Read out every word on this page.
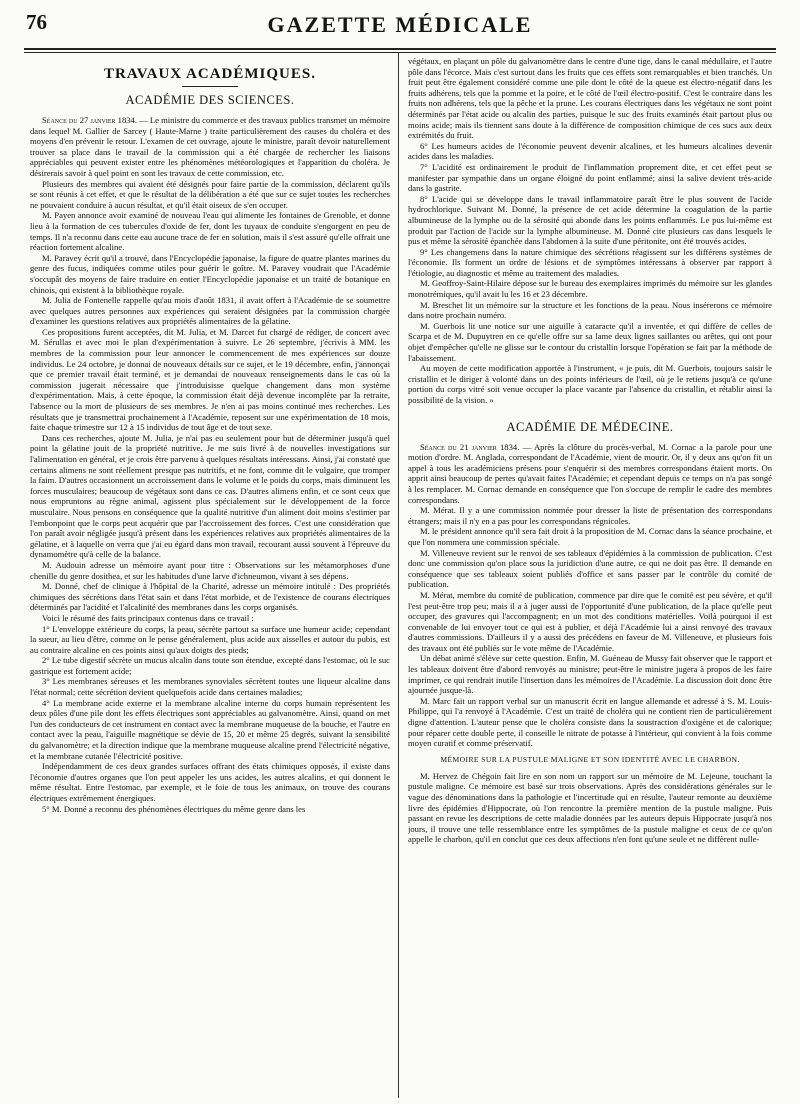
76	GAZETTE MÉDICALE
TRAVAUX ACADÉMIQUES.
ACADÉMIE DES SCIENCES.

Séance du 27 janvier 1834. — Le ministre du commerce et des travaux publics transmet un mémoire dans lequel M. Gallier de Sarcey ( Haute-Marne ) traite particulièrement des causes du choléra et des moyens d'en prévenir le retour. L'examen de cet ouvrage, ajoute le ministre, paraît devoir naturellement trouver sa place dans le travail de la commission qui a été chargée de rechercher les liaisons appréciables qui peuvent exister entre les phénomènes météorologiques et l'apparition du choléra. Je désirerais savoir à quel point en sont les travaux de cette commission, etc.

Plusieurs des membres qui avaient été désignés pour faire partie de la commission, déclarent qu'ils se sont réunis à cet effet, et que le résultat de la délibération a été que sur ce sujet toutes les recherches ne pouvaient conduire à aucun résultat, et qu'il était oiseux de s'en occuper.

M. Payen annonce avoir examiné de nouveau l'eau qui alimente les fontaines de Grenoble, et donne lieu à la formation de ces tubercules d'oxide de fer, dont les tuyaux de conduite s'engorgent en peu de temps. Il n'a reconnu dans cette eau aucune trace de fer en solution, mais il s'est assuré qu'elle offrait une réaction fortement alcaline.

M. Paravey écrit qu'il a trouvé, dans l'Encyclopédie japonaise, la figure de quatre plantes marines du genre des fucus, indiquées comme utiles pour guérir le goître. M. Paravey voudrait que l'Académie s'occupât des moyens de faire traduire en entier l'Encyclopédie japonaise et un traité de botanique en chinois, qui existent à la bibliothèque royale.

M. Julia de Fontenelle rappelle qu'au mois d'août 1831, il avait offert à l'Académie de se soumettre avec quelques autres personnes aux expériences qui seraient désignées par la commission chargée d'examiner les questions relatives aux propriétés alimentaires de la gélatine.

Ces propositions furent acceptées, dit M. Julia, et M. Darcet fut chargé de rédiger, de concert avec M. Sérullas et avec moi le plan d'expérimentation à suivre. Le 26 septembre, j'écrivis à MM. les membres de la commission pour leur annoncer le commencement de mes expériences sur douze individus. Le 24 octobre, je donnai de nouveaux détails sur ce sujet, et le 19 décembre, enfin, j'annonçai que ce premier travail était terminé, et je demandai de nouveaux renseignements dans le cas où la commission jugerait nécessaire que j'introduisisse quelque changement dans mon système d'expérimentation. Mais, à cette époque, la commission était déjà devenue incomplète par la retraite, l'absence ou la mort de plusieurs de ses membres. Je n'en ai pas moins continué mes recherches. Les résultats que je transmettrai prochainement à l'Académie, reposent sur une expérimentation de 18 mois, faite chaque trimestre sur 12 à 15 individus de tout âge et de tout sexe.

Dans ces recherches, ajoute M. Julia, je n'ai pas eu seulement pour but de déterminer jusqu'à quel point la gélatine jouit de la propriété nutritive. Je me suis livré à de nouvelles investigations sur l'alimentation en général, et je crois être parvenu à quelques résultats intéressans. Ainsi, j'ai constaté que certains alimens ne sont réellement presque pas nutritifs, et ne font, comme dit le vulgaire, que tromper la faim. D'autres occasionnent un accroissement dans le volume et le poids du corps, mais diminuent les forces musculaires; beaucoup de végétaux sont dans ce cas. D'autres alimens enfin, et ce sont ceux que nous empruntons au règne animal, agissent plus spécialement sur le développement de la force musculaire. Nous pensons en conséquence que la qualité nutritive d'un aliment doit moins s'estimer par l'embonpoint que le corps peut acquérir que par l'accroissement des forces. C'est une considération que l'on paraît avoir négligée jusqu'à présent dans les expériences relatives aux propriétés alimentaires de la gélatine, et à laquelle on verra que j'ai eu égard dans mon travail, recourant aussi souvent à l'épreuve du dynamomètre qu'à celle de la balance.

M. Audouin adresse un mémoire ayant pour titre : Observations sur les métamorphoses d'une chenille du genre dosithea, et sur les habitudes d'une larve d'ichneumon, vivant à ses dépens.

M. Donné, chef de clinique à l'hôpital de la Charité, adresse un mémoire intitulé : Des propriétés chimiques des sécrétions dans l'état sain et dans l'état morbide, et de l'existence de courans électriques déterminés par l'acidité et l'alcalinité des membranes dans les corps organisés.

Voici le résumé des faits principaux contenus dans ce travail :

1° L'enveloppe extérieure du corps, la peau, sécrète partout sa surface une humeur acide; cependant la sueur, au lieu d'être, comme on le pense généralement, plus acide aux aisselles et autour du pubis, est au contraire alcaline en ces points ainsi qu'aux doigts des pieds;

2° Le tube digestif sécrète un mucus alcalin dans toute son étendue, excepté dans l'estomac, où le suc gastrique est fortement acide;

3° Les membranes séreuses et les membranes synoviales sécrètent toutes une liqueur alcaline dans l'état normal; cette sécrétion devient quelquefois acide dans certaines maladies;

4° La membrane acide externe et la membrane alcaline interne du corps humain représentent les deux pôles d'une pile dont les effets électriques sont appréciables au galvanomètre. Ainsi, quand on met l'un des conducteurs de cet instrument en contact avec la membrane muqueuse de la bouche, et l'autre en contact avec la peau, l'aiguille magnétique se dévie de 15, 20 et même 25 degrés, suivant la sensibilité du galvanomètre; et la direction indique que la membrane muqueuse alcaline prend l'électricité négative, et la membrane cutanée l'électricité positive.

Indépendamment de ces deux grandes surfaces offrant des états chimiques opposés, il existe dans l'économie d'autres organes que l'on peut appeler les uns acides, les autres alcalins, et qui donnent le même résultat. Entre l'estomac, par exemple, et le foie de tous les animaux, on trouve des courans électriques extrêmement énergiques.

5° M. Donné a reconnu des phénomènes électriques du même genre dans les

végétaux, en plaçant un pôle du galvanomètre dans le centre d'une tige, dans le canal médullaire, et l'autre pôle dans l'écorce. Mais c'est surtout dans les fruits que ces effets sont remarquables et bien tranchés. Un fruit peut être également considéré comme une pile dont le côté de la queue est électro-négatif dans les fruits adhérens, tels que la pomme et la poire, et le côté de l'œil électro-positif. C'est le contraire dans les fruits non adhérens, tels que la pêche et la prune. Les courans électriques dans les végétaux ne sont point déterminés par l'état acide ou alcalin des parties, puisque le suc des fruits examinés était partout plus ou moins acide; mais ils tiennent sans doute à la différence de composition chimique de ces sucs aux deux extrémités du fruit.

6° Les humeurs acides de l'économie peuvent devenir alcalines, et les humeurs alcalines devenir acides dans les maladies.

7° L'acidité est ordinairement le produit de l'inflammation proprement dite, et cet effet peut se manifester par sympathie dans un organe éloigné du point enflammé; ainsi la salive devient très-acide dans la gastrite.

8° L'acide qui se développe dans le travail inflammatoire paraît être le plus souvent de l'acide hydrochlorique. Suivant M. Donné, la présence de cet acide détermine la coagulation de la partie albumineuse de la lymphe ou de la sérosité qui abonde dans les points enflammés. Le pus lui-même est produit par l'action de l'acide sur la lymphe albumineuse. M. Donné cite plusieurs cas dans lesquels le pus et même la sérosité épanchée dans l'abdomen à la suite d'une péritonite, ont été trouvés acides.

9° Les changemens dans la nature chimique des sécrétions réagissent sur les différens systèmes de l'économie. Ils forment un ordre de lésions et de symptômes intéressans à observer par rapport à l'étiologie, au diagnostic et même au traitement des maladies.

M. Geoffroy-Saint-Hilaire dépose sur le bureau des exemplaires imprimés du mémoire sur les glandes monotrémiques, qu'il avait lu les 16 et 23 décembre.

M. Breschet lit un mémoire sur la structure et les fonctions de la peau. Nous insérerons ce mémoire dans notre prochain numéro.

M. Guerbois lit une notice sur une aiguille à cataracte qu'il a inventée, et qui diffère de celles de Scarpa et de M. Dupuytren en ce qu'elle offre sur sa lame deux lignes saillantes ou arêtes, qui ont pour objet d'empêcher qu'elle ne glisse sur le contour du cristallin lorsque l'opération se fait par la méthode de l'abaissement.

Au moyen de cette modification apportée à l'instrument, « je puis, dit M. Guerbois, toujours saisir le cristallin et le diriger à volonté dans un des points inférieurs de l'œil, où je le retiens jusqu'à ce qu'une portion du corps vitré soit venue occuper la place vacante par l'absence du cristallin, et rétablir ainsi la possibilité de la vision. »

ACADÉMIE DE MÉDECINE.

Séance du 21 janvier 1834. — Après la clôture du procès-verbal, M. Cornac a la parole pour une motion d'ordre. M. Anglada, correspondant de l'Académie, vient de mourir. Or, il y deux ans qu'on fit un appel à tous les académiciens présens pour s'enquérir si des membres correspondans étaient morts. On apprit ainsi beaucoup de pertes qu'avait faites l'Académie; et cependant depuis ce temps on n'a pas songé à les remplacer. M. Cornac demande en conséquence que l'on s'occupe de remplir le cadre des membres correspondans.

M. Mérat. Il y a une commission nommée pour dresser la liste de présentation des correspondans étrangers; mais il n'y en a pas pour les correspondans régnicoles.

M. le président annonce qu'il sera fait droit à la proposition de M. Cornac dans la séance prochaine, et que l'on nommera une commission spéciale.

M. Villeneuve revient sur le renvoi de ses tableaux d'épidémies à la commission de publication. C'est donc une commission qu'on place sous la juridiction d'une autre, ce qui ne doit pas être. Il demande en conséquence que ses tableaux soient publiés d'office et sans passer par le contrôle du comité de publication.

M. Mérat, membre du comité de publication, commence par dire que le comité est peu sévère, et qu'il l'est peut-être trop peu; mais il a à juger aussi de l'opportunité d'une publication, de la place qu'elle peut occuper, des gravures qui l'accompagnent; en un mot des conditions matérielles. Voilà pourquoi il est convenable de lui envoyer tout ce qui est à publier, et déjà l'Académie lui a ainsi renvoyé des travaux d'autres commissions. D'ailleurs il y a aussi des précédens en faveur de M. Villeneuve, et plusieurs fois des travaux ont été publiés sur le vote même de l'Académie.

Un débat animé s'élève sur cette question. Enfin, M. Guéneau de Mussy fait observer que le rapport et les tableaux doivent être d'abord renvoyés au ministre; peut-être le ministre jugera à propos de les faire imprimer, ce qui rendrait inutile l'insertion dans les mémoires de l'Académie. La discussion doit donc être ajournée jusque-là.

M. Marc fait un rapport verbal sur un manuscrit écrit en langue allemande et adressé à S. M. Louis-Philippe, qui l'a renvoyé à l'Académie. C'est un traité de choléra qui ne contient rien de particulièrement digne d'attention. L'auteur pense que le choléra consiste dans la soustraction d'oxigène et de calorique; pour réparer cette double perte, il conseille le nitrate de potasse à l'intérieur, qui convient à la fois comme moyen curatif et comme préservatif.

MÉMOIRE SUR LA PUSTULE MALIGNE ET SON IDENTITÉ AVEC LE CHARBON.

M. Hervez de Chégoin fait lire en son nom un rapport sur un mémoire de M. Lejeune, touchant la pustule maligne. Ce mémoire est basé sur trois observations. Après des considérations générales sur le vague des dénominations dans la pathologie et l'incertitude qui en résulte, l'auteur remonte au deuxième livre des épidémies d'Hippocrate, où l'on rencontre la première mention de la pustule maligne. Puis passant en revue les descriptions de cette maladie données par les auteurs depuis Hippocrate jusqu'à nos jours, il trouve une telle ressemblance entre les symptômes de la pustule maligne et ceux de ce qu'on appelle le charbon, qu'il en conclut que ces deux affections n'en font qu'une seule et ne diffèrent nulle-
